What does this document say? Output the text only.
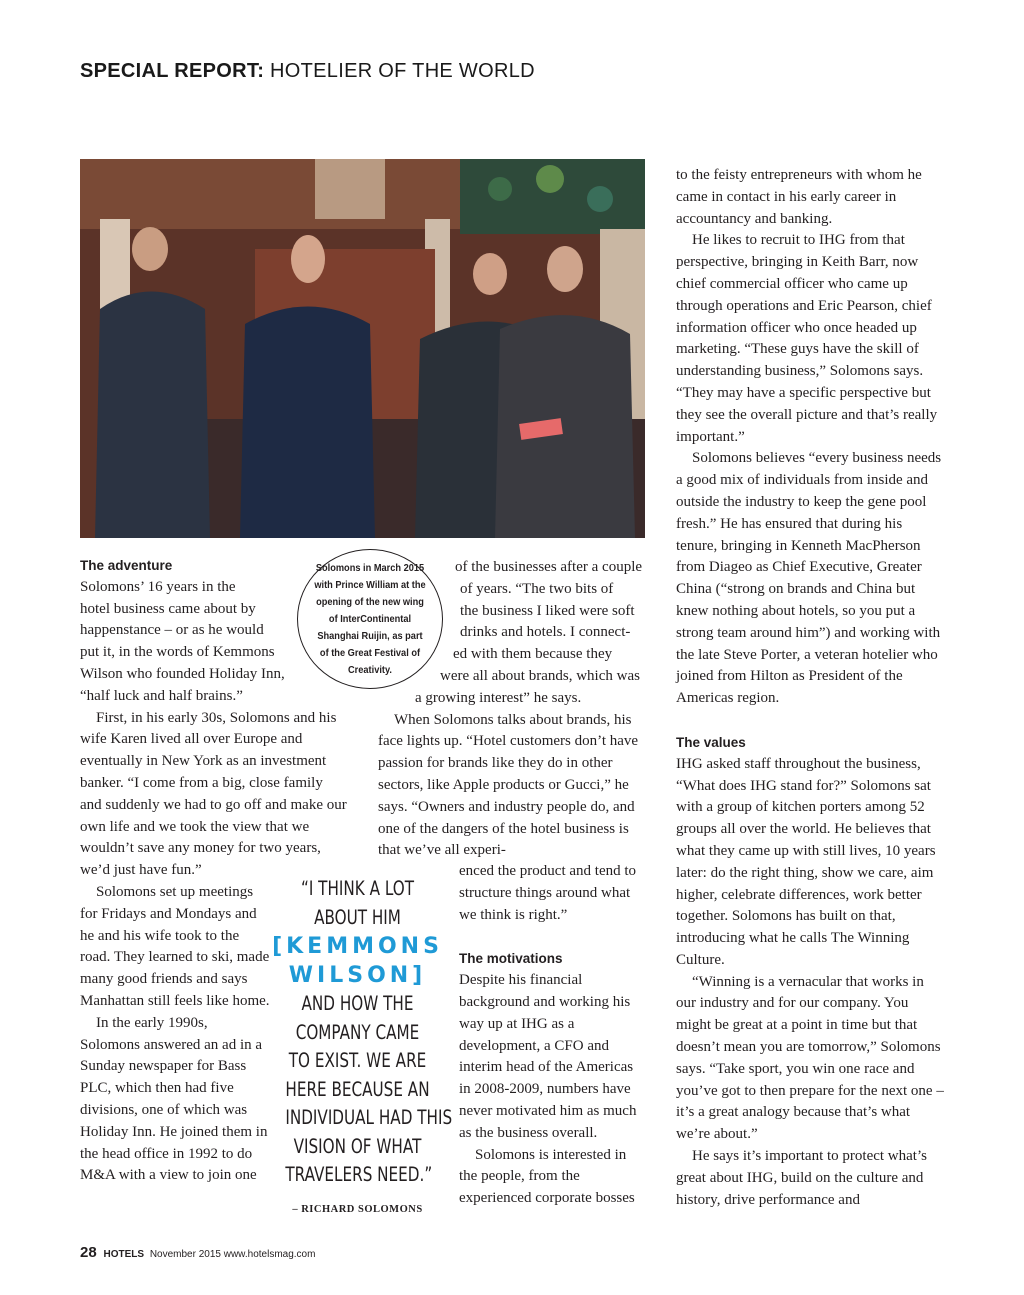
SPECIAL REPORT: HOTELIER OF THE WORLD

The adventure

Solomons’ 16 years in the

hotel business came about by

happenstance – or as he would

put it, in the words of Kemmons

Wilson who founded Holiday Inn,

“half luck and half brains.”

First, in his early 30s, Solomons and his wife Karen lived all over Europe and eventually in New York as an investment banker. “I come from a big, close family and suddenly we had to go off and make our own life and we took the view that we wouldn’t save any money for two years, we’d just have fun.”

Solomons set up meetings for Fridays and Mondays and he and his wife took to the road. They learned to ski, made many good friends and says Manhattan still feels like home.

In the early 1990s, Solomons answered an ad in a Sunday newspaper for Bass PLC, which then had five divisions, one of which was Holiday Inn. He joined them in the head office in 1992 to do M&A with a view to join one

of the businesses after a couple

of years. “The two bits of

the business I liked were soft

drinks and hotels. I connect-

ed with them because they

were all about brands, which was

a growing interest” he says.

When Solomons talks about brands, his face lights up. “Hotel customers don’t have passion for brands like they do in other sectors, like Apple products or Gucci,” he says. “Owners and industry people do, and one of the dangers of the hotel business is that we’ve all experi-

enced the product and tend to structure things around what we think is right.”

The motivations

Despite his financial background and working his way up at IHG as a development, a CFO and interim head of the Americas in 2008-2009, numbers have never motivated him as much as the business overall.

Solomons is interested in the people, from the experienced corporate bosses

to the feisty entrepreneurs with whom he came in contact in his early career in accountancy and banking.

He likes to recruit to IHG from that perspective, bringing in Keith Barr, now chief commercial officer who came up through operations and Eric Pearson, chief information officer who once headed up marketing. “These guys have the skill of understanding business,” Solomons says. “They may have a specific perspective but they see the overall picture and that’s really important.”

Solomons believes “every business needs a good mix of individuals from inside and outside the industry to keep the gene pool fresh.” He has ensured that during his tenure, bringing in Kenneth MacPherson from Diageo as Chief Executive, Greater China (“strong on brands and China but knew nothing about hotels, so you put a strong team around him”) and working with the late Steve Porter, a veteran hotelier who joined from Hilton as President of the Americas region.

The values

IHG asked staff throughout the business, “What does IHG stand for?” Solomons sat with a group of kitchen porters among 52 groups all over the world. He believes that what they came up with still lives, 10 years later: do the right thing, show we care, aim higher, celebrate differences, work better together. Solomons has built on that, introducing what he calls The Winning Culture.

“Winning is a vernacular that works in our industry and for our company. You might be great at a point in time but that doesn’t mean you are tomorrow,” Solomons says. “Take sport, you win one race and you’ve got to then prepare for the next one – it’s a great analogy because that’s what we’re about.”

He says it’s important to protect what’s great about IHG, build on the culture and history, drive performance and

Solomons in March 2015 with Prince William at the opening of the new wing of InterContinental Shanghai Ruijin, as part of the Great Festival of Creativity.
“I THINK A LOT
ABOUT HIM
[KEMMONS
WILSON]
AND HOW THE
COMPANY CAME
TO EXIST. WE ARE
HERE BECAUSE AN
INDIVIDUAL HAD THIS
VISION OF WHAT
TRAVELERS NEED.”
– RICHARD SOLOMONS
28 HOTELS November 2015 www.hotelsmag.com
